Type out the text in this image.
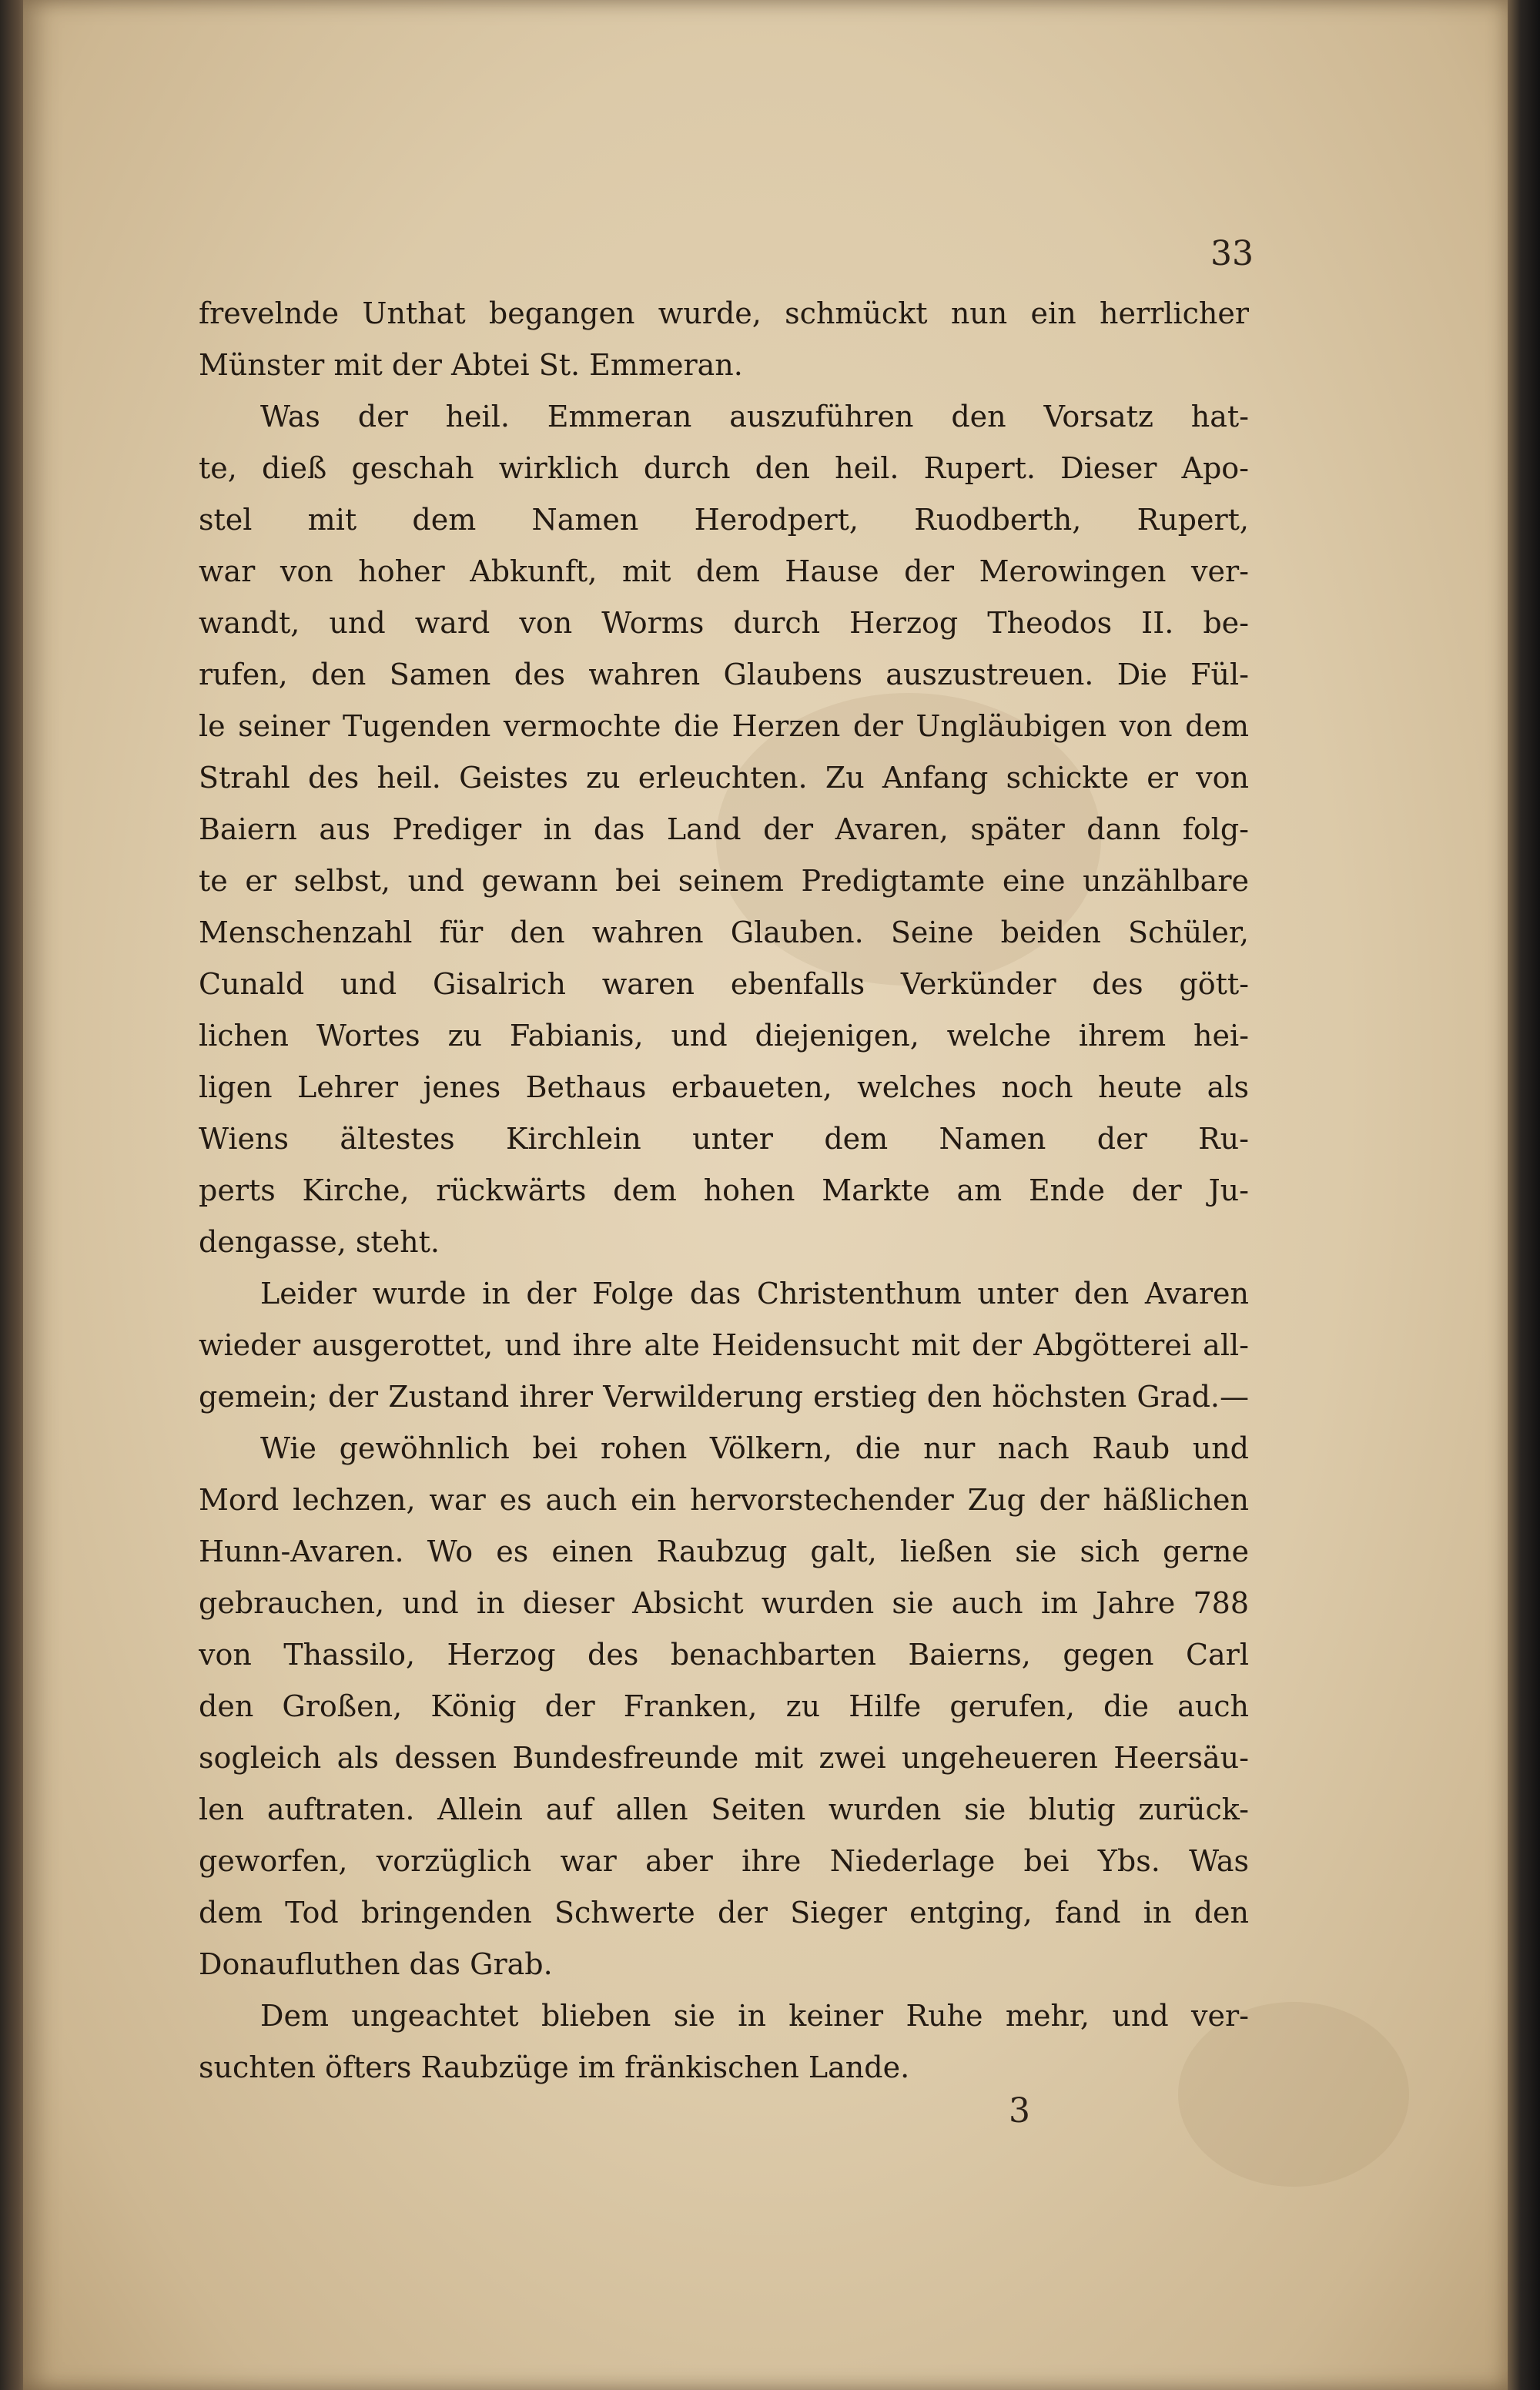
33
frevelnde Unthat begangen wurde, schmückt nun ein herrlicher
Münster mit der Abtei St. Emmeran.
Was der heil. Emmeran auszuführen den Vorsatz hat-
te, dieß geschah wirklich durch den heil. Rupert. Dieser Apo-
stel mit dem Namen Herodpert, Ruodberth, Rupert,
war von hoher Abkunft, mit dem Hause der Merowingen ver-
wandt, und ward von Worms durch Herzog Theodos II. be-
rufen, den Samen des wahren Glaubens auszustreuen. Die Fül-
le seiner Tugenden vermochte die Herzen der Ungläubigen von dem
Strahl des heil. Geistes zu erleuchten. Zu Anfang schickte er von
Baiern aus Prediger in das Land der Avaren, später dann folg-
te er selbst, und gewann bei seinem Predigtamte eine unzählbare
Menschenzahl für den wahren Glauben. Seine beiden Schüler,
Cunald und Gisalrich waren ebenfalls Verkünder des gött-
lichen Wortes zu Fabianis, und diejenigen, welche ihrem hei-
ligen Lehrer jenes Bethaus erbaueten, welches noch heute als
Wiens ältestes Kirchlein unter dem Namen der Ru-
perts Kirche, rückwärts dem hohen Markte am Ende der Ju-
dengasse, steht.
Leider wurde in der Folge das Christenthum unter den Avaren
wieder ausgerottet, und ihre alte Heidensucht mit der Abgötterei all-
gemein; der Zustand ihrer Verwilderung erstieg den höchsten Grad.—
Wie gewöhnlich bei rohen Völkern, die nur nach Raub und
Mord lechzen, war es auch ein hervorstechender Zug der häßlichen
Hunn-Avaren. Wo es einen Raubzug galt, ließen sie sich gerne
gebrauchen, und in dieser Absicht wurden sie auch im Jahre 788
von Thassilo, Herzog des benachbarten Baierns, gegen Carl
den Großen, König der Franken, zu Hilfe gerufen, die auch
sogleich als dessen Bundesfreunde mit zwei ungeheueren Heersäu-
len auftraten. Allein auf allen Seiten wurden sie blutig zurück-
geworfen, vorzüglich war aber ihre Niederlage bei Ybs. Was
dem Tod bringenden Schwerte der Sieger entging, fand in den
Donaufluthen das Grab.
Dem ungeachtet blieben sie in keiner Ruhe mehr, und ver-
suchten öfters Raubzüge im fränkischen Lande.
3
